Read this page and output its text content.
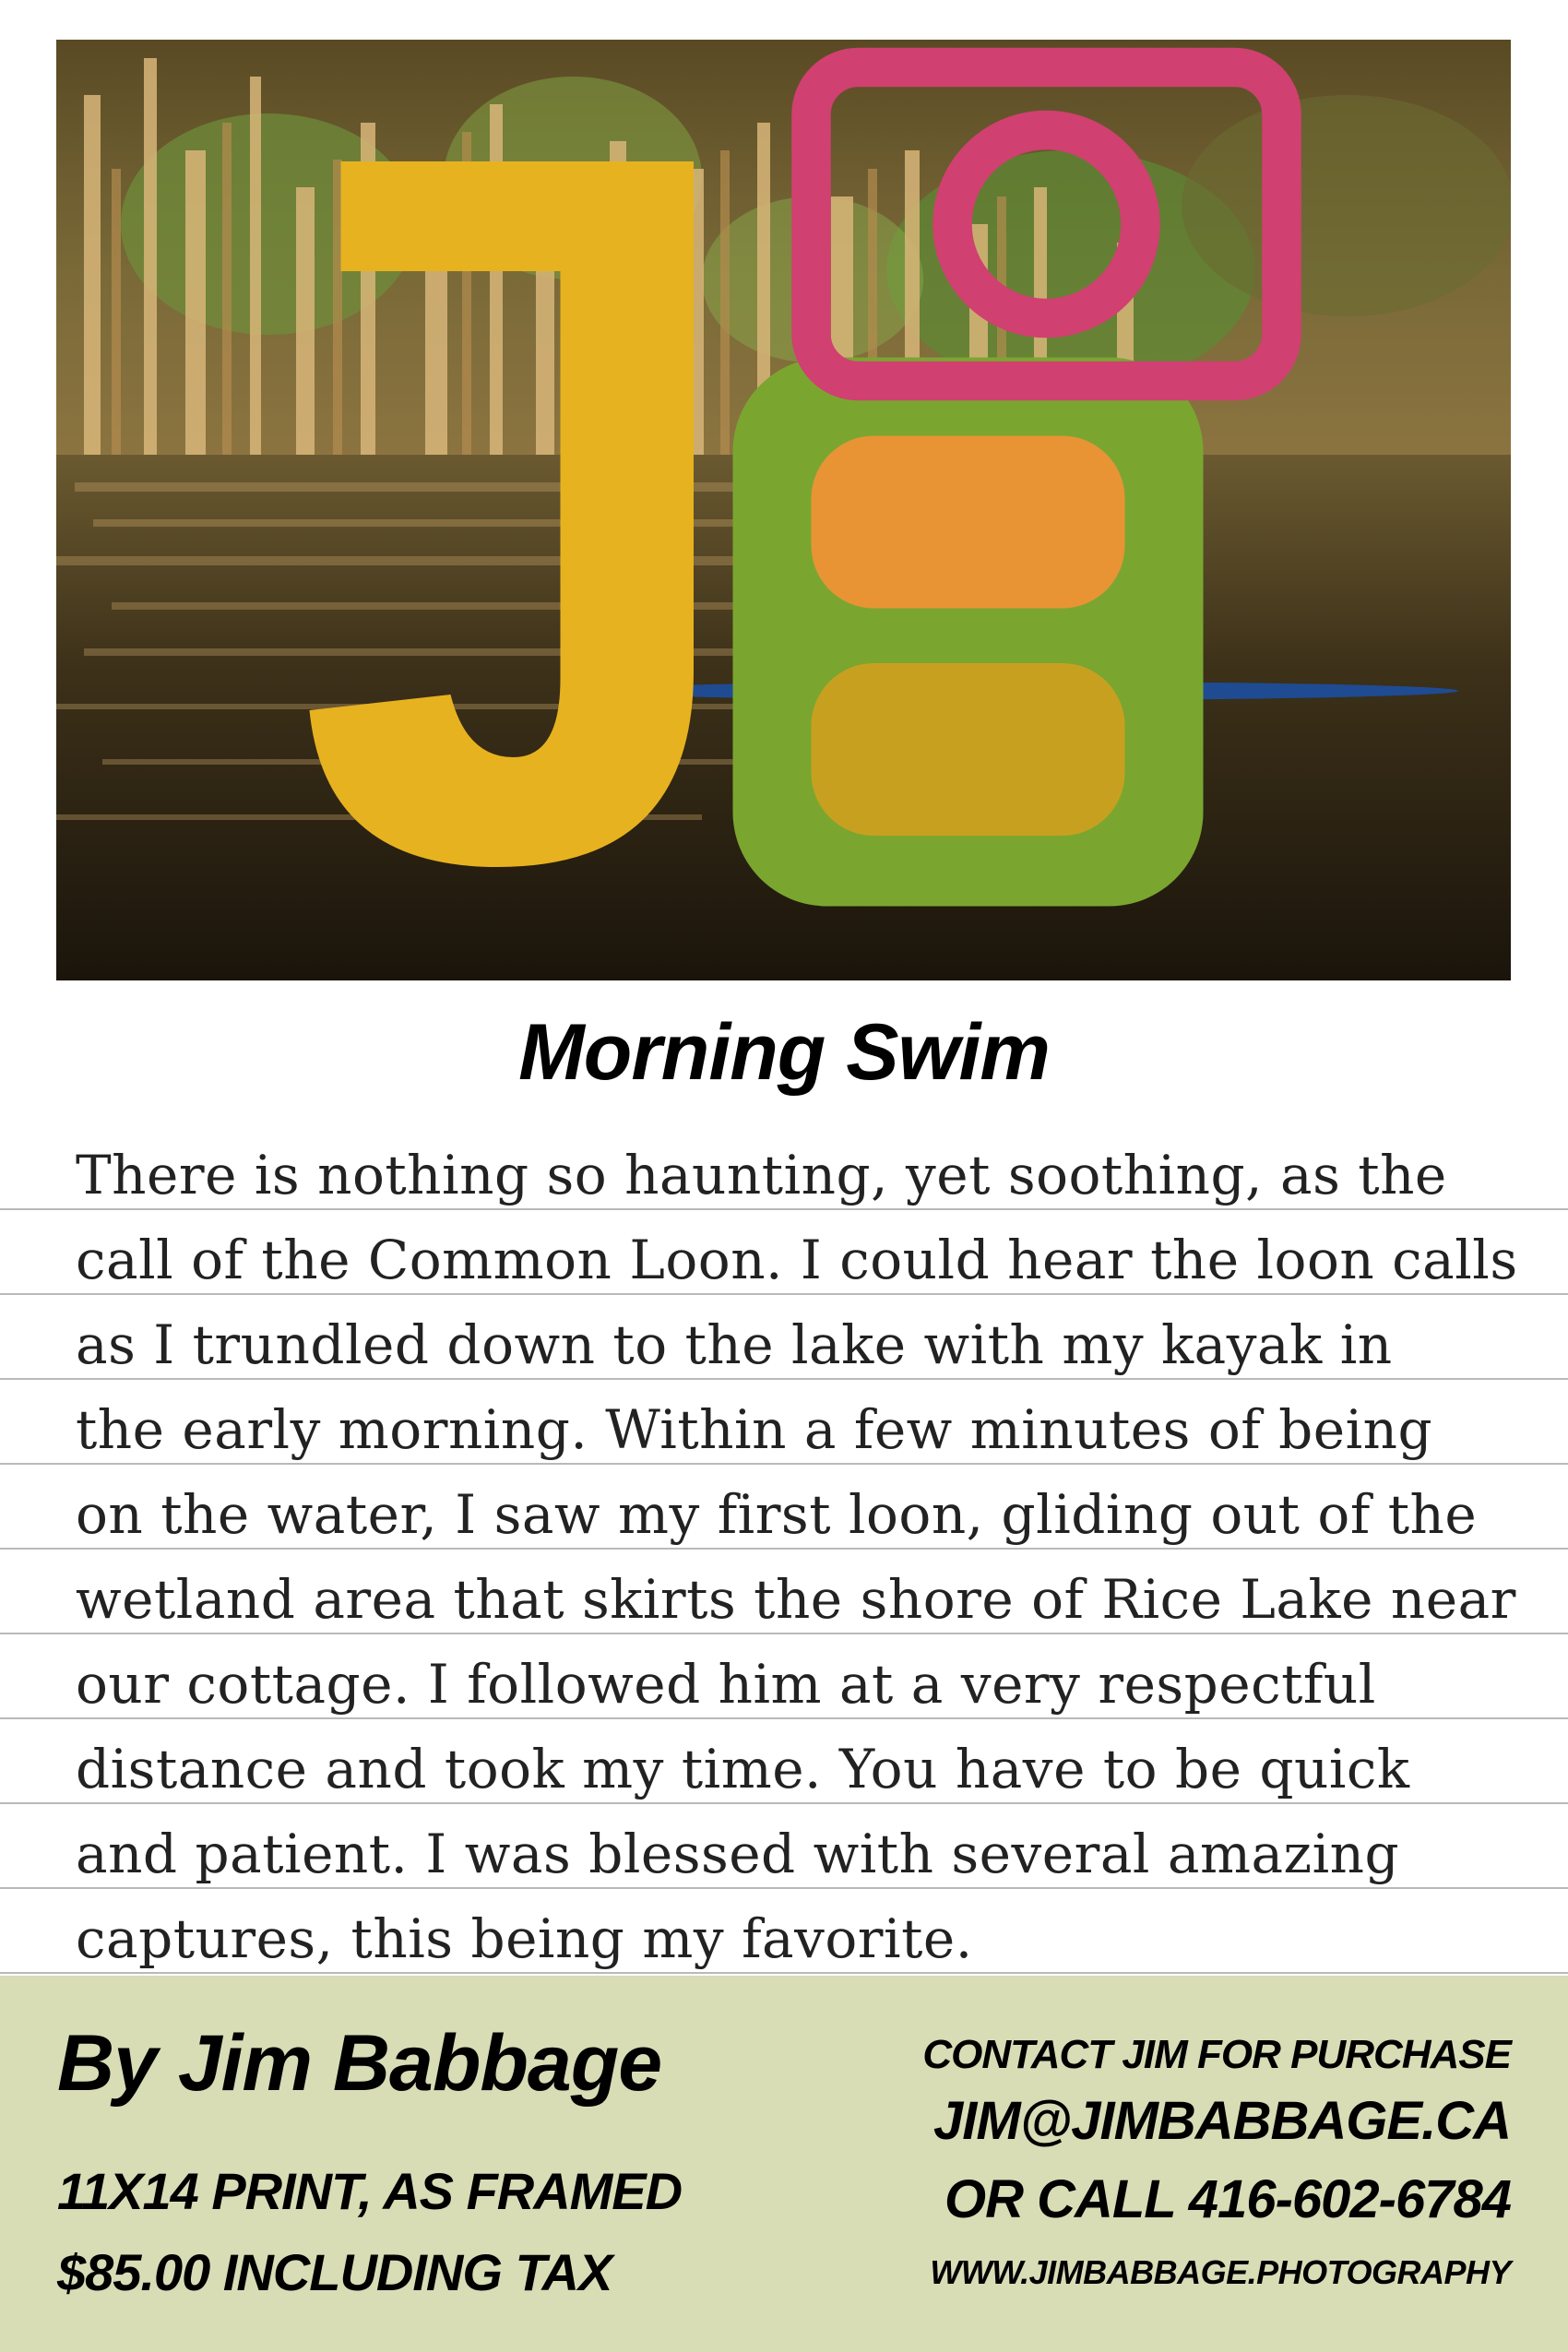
Morning Swim
There is nothing so haunting, yet soothing, as the
call of the Common Loon. I could hear the loon calls
as I trundled down to the lake with my kayak in
the early morning. Within a few minutes of being
on the water, I saw my first loon, gliding out of the
wetland area that skirts the shore of Rice Lake near
our cottage. I followed him at a very respectful
distance and took my time. You have to be quick
and patient. I was blessed with several amazing
captures, this being my favorite.
By Jim Babbage
11X14 PRINT, AS FRAMED
$85.00 INCLUDING TAX
CONTACT JIM FOR PURCHASE
JIM@JIMBABBAGE.CA
OR CALL 416-602-6784
WWW.JIMBABBAGE.PHOTOGRAPHY
